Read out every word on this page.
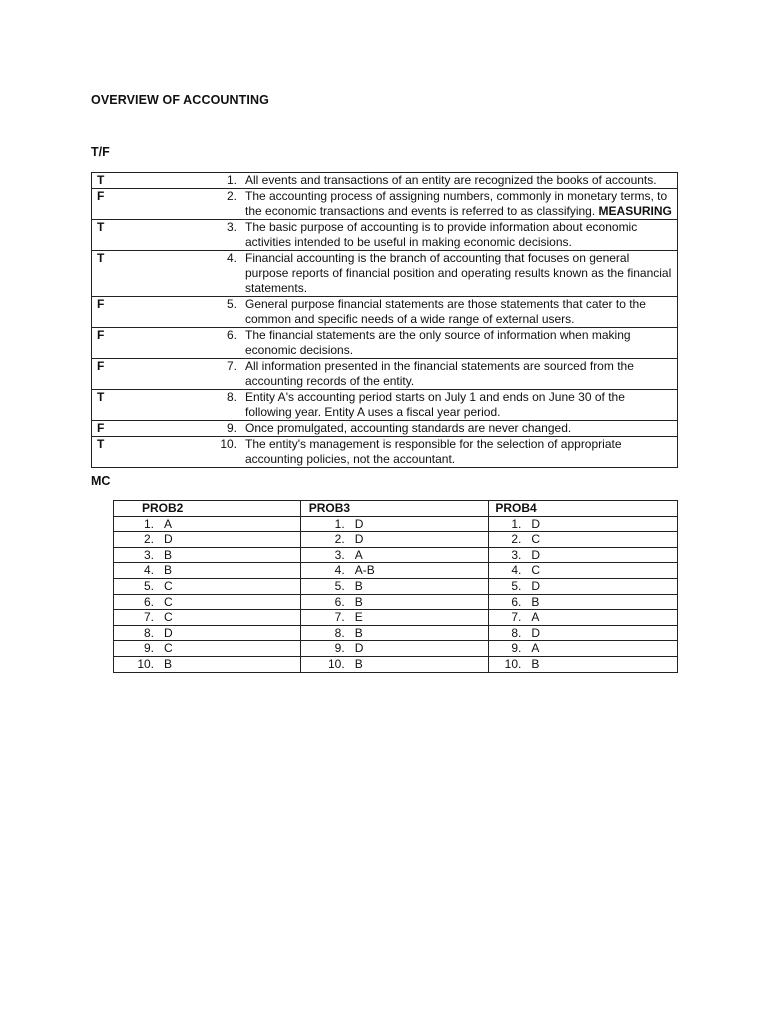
OVERVIEW OF ACCOUNTING
T/F
T	1. All events and transactions of an entity are recognized the books of accounts.

F	2. The accounting process of assigning numbers, commonly in monetary terms, to the economic transactions and events is referred to as classifying. MEASURING

T	3. The basic purpose of accounting is to provide information about economic activities intended to be useful in making economic decisions.

T	4. Financial accounting is the branch of accounting that focuses on general purpose reports of financial position and operating results known as the financial statements.

F	5. General purpose financial statements are those statements that cater to the common and specific needs of a wide range of external users.

F	6. The financial statements are the only source of information when making economic decisions.

F	7. All information presented in the financial statements are sourced from the accounting records of the entity.

T	8. Entity A's accounting period starts on July 1 and ends on June 30 of the following year. Entity A uses a fiscal year period.

F	9. Once promulgated, accounting standards are never changed.

T	10. The entity's management is responsible for the selection of appropriate accounting policies, not the accountant.
MC
PROB2	PROB3	PROB4

1. A	1. D	1. D

2. D	2. D	2. C

3. B	3. A	3. D

4. B	4. A-B	4. C

5. C	5. B	5. D

6. C	6. B	6. B

7. C	7. E	7. A

8. D	8. B	8. D

9. C	9. D	9. A

10. B	10. B	10. B
